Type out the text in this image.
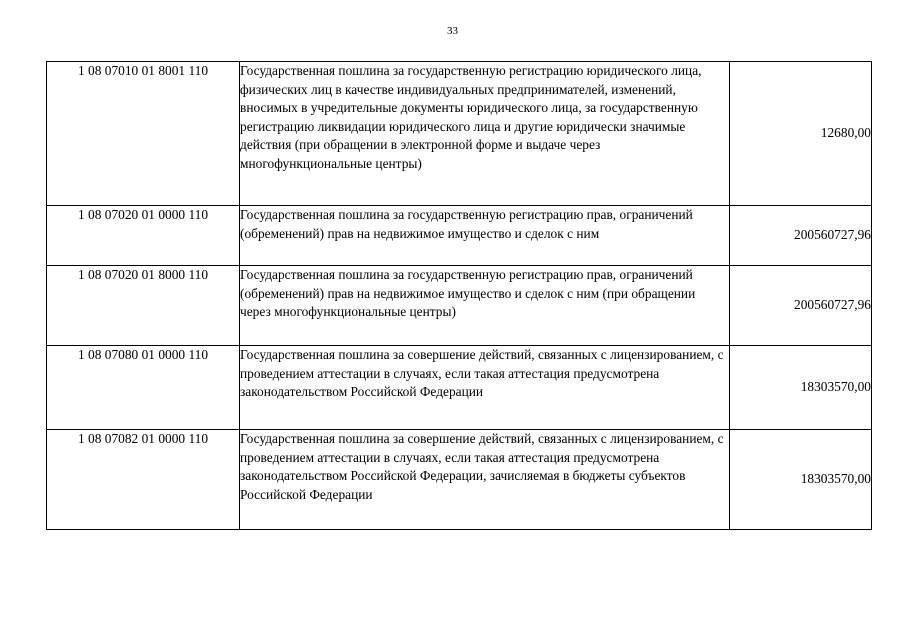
33
1 08 07010 01 8001 110	Государственная пошлина за государственную регистрацию юридического лица, физических лиц в качестве индивидуальных предпринимателей, изменений, вносимых в учредительные документы юридического лица, за государственную регистрацию ликвидации юридического лица и другие юридически значимые действия (при обращении в электронной форме и выдаче через многофункциональные центры)	12680,00
1 08 07020 01 0000 110	Государственная пошлина за государственную регистрацию прав, ограничений (обременений) прав на недвижимое имущество и сделок с ним	200560727,96
1 08 07020 01 8000 110	Государственная пошлина за государственную регистрацию прав, ограничений (обременений) прав на недвижимое имущество и сделок с ним (при обращении через многофункциональные центры)	200560727,96
1 08 07080 01 0000 110	Государственная пошлина за совершение действий, связанных с лицензированием, с проведением аттестации в случаях, если такая аттестация предусмотрена законодательством Российской Федерации	18303570,00
1 08 07082 01 0000 110	Государственная пошлина за совершение действий, связанных с лицензированием, с проведением аттестации в случаях, если такая аттестация предусмотрена законодательством Российской Федерации, зачисляемая в бюджеты субъектов Российской Федерации	18303570,00
